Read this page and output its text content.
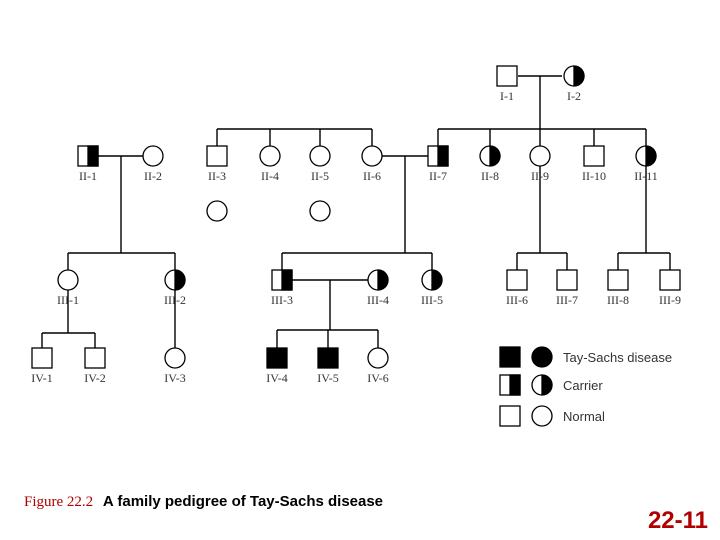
I-1	I-2
II-1	II-2	II-3	II-4	II-5	II-6	II-7	II-8	II-9	II-10 II-11
III-1	III-2	III-3	III-4	III-5	III-6 III-7 III-8	III-9
IV-1	IV-2	IV-3	IV-4 IV-5 IV-6
Tay-Sachs disease
Carrier
Normal
Figure 22.2 A family pedigree of Tay-Sachs disease
22-11
